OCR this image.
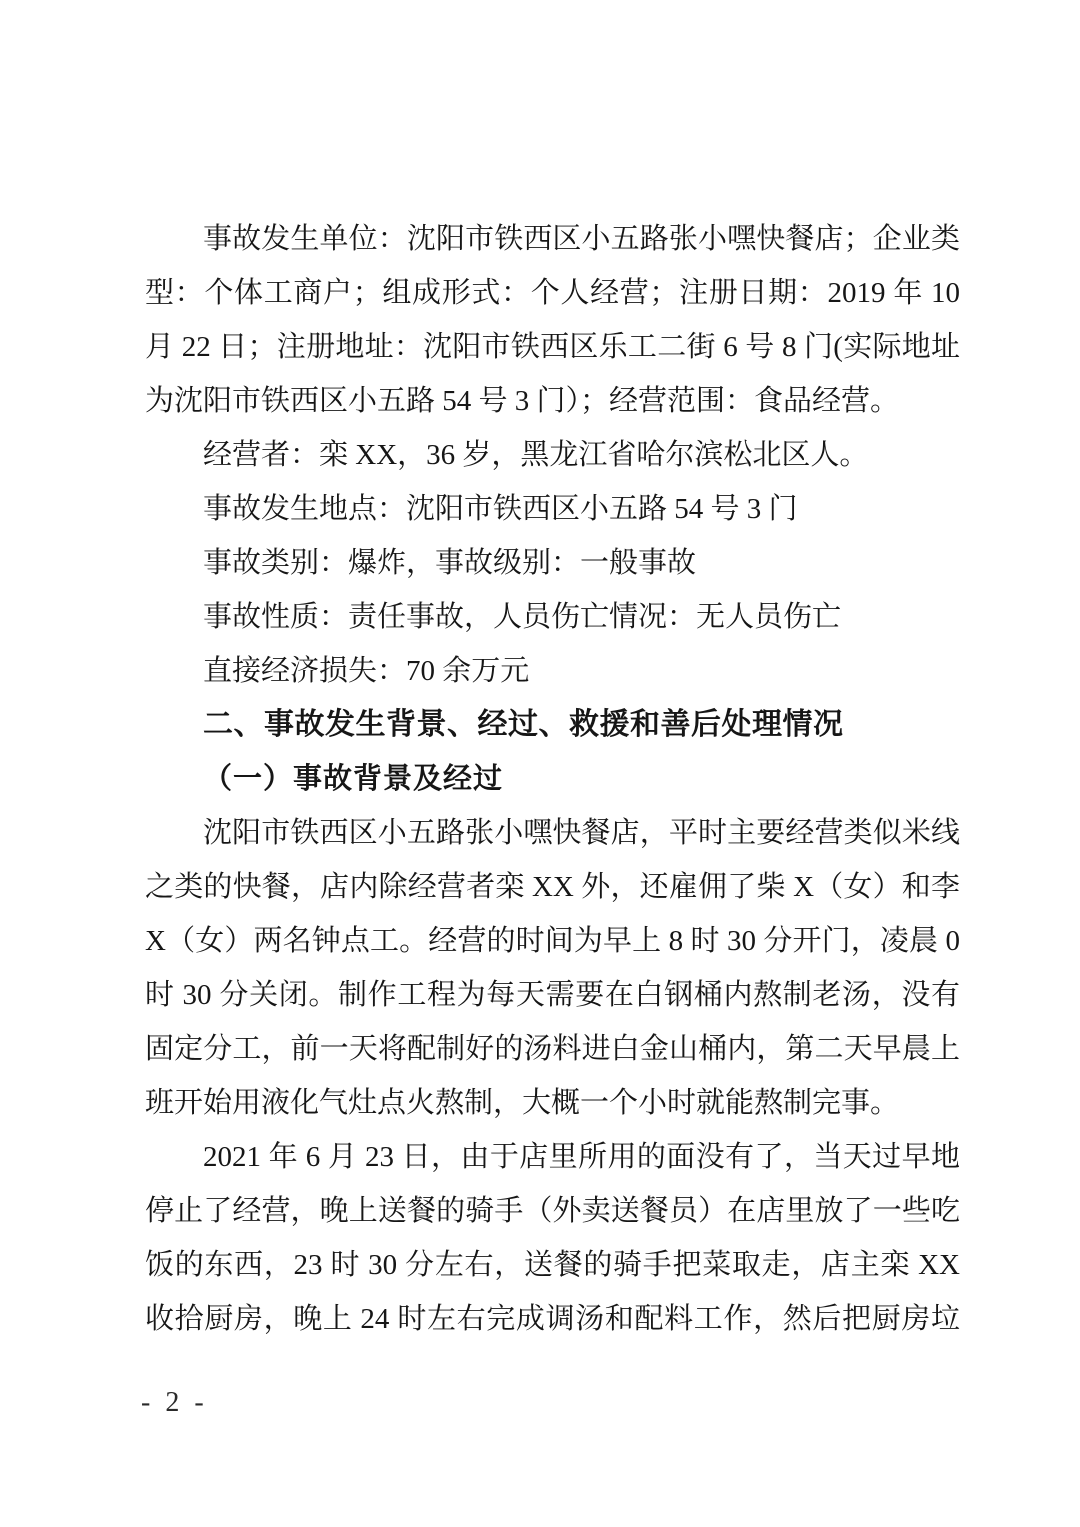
事故发生单位：沈阳市铁西区小五路张小嘿快餐店；企业类
型：个体工商户；组成形式：个人经营；注册日期：2019 年 10
月 22 日；注册地址：沈阳市铁西区乐工二街 6 号 8 门(实际地址
为沈阳市铁西区小五路 54 号 3 门）；经营范围：食品经营。
经营者：栾 XX，36 岁，黑龙江省哈尔滨松北区人。
事故发生地点：沈阳市铁西区小五路 54 号 3 门
事故类别：爆炸，事故级别：一般事故
事故性质：责任事故，人员伤亡情况：无人员伤亡
直接经济损失：70 余万元
二、事故发生背景、经过、救援和善后处理情况
（一）事故背景及经过
沈阳市铁西区小五路张小嘿快餐店，平时主要经营类似米线
之类的快餐，店内除经营者栾 XX 外，还雇佣了柴 X（女）和李
X（女）两名钟点工。经营的时间为早上 8 时 30 分开门，凌晨 0
时 30 分关闭。制作工程为每天需要在白钢桶内熬制老汤，没有
固定分工，前一天将配制好的汤料进白金山桶内，第二天早晨上
班开始用液化气灶点火熬制，大概一个小时就能熬制完事。
2021 年 6 月 23 日，由于店里所用的面没有了，当天过早地
停止了经营，晚上送餐的骑手（外卖送餐员）在店里放了一些吃
饭的东西，23 时 30 分左右，送餐的骑手把菜取走，店主栾 XX
收拾厨房，晚上 24 时左右完成调汤和配料工作，然后把厨房垃
- 2 -
